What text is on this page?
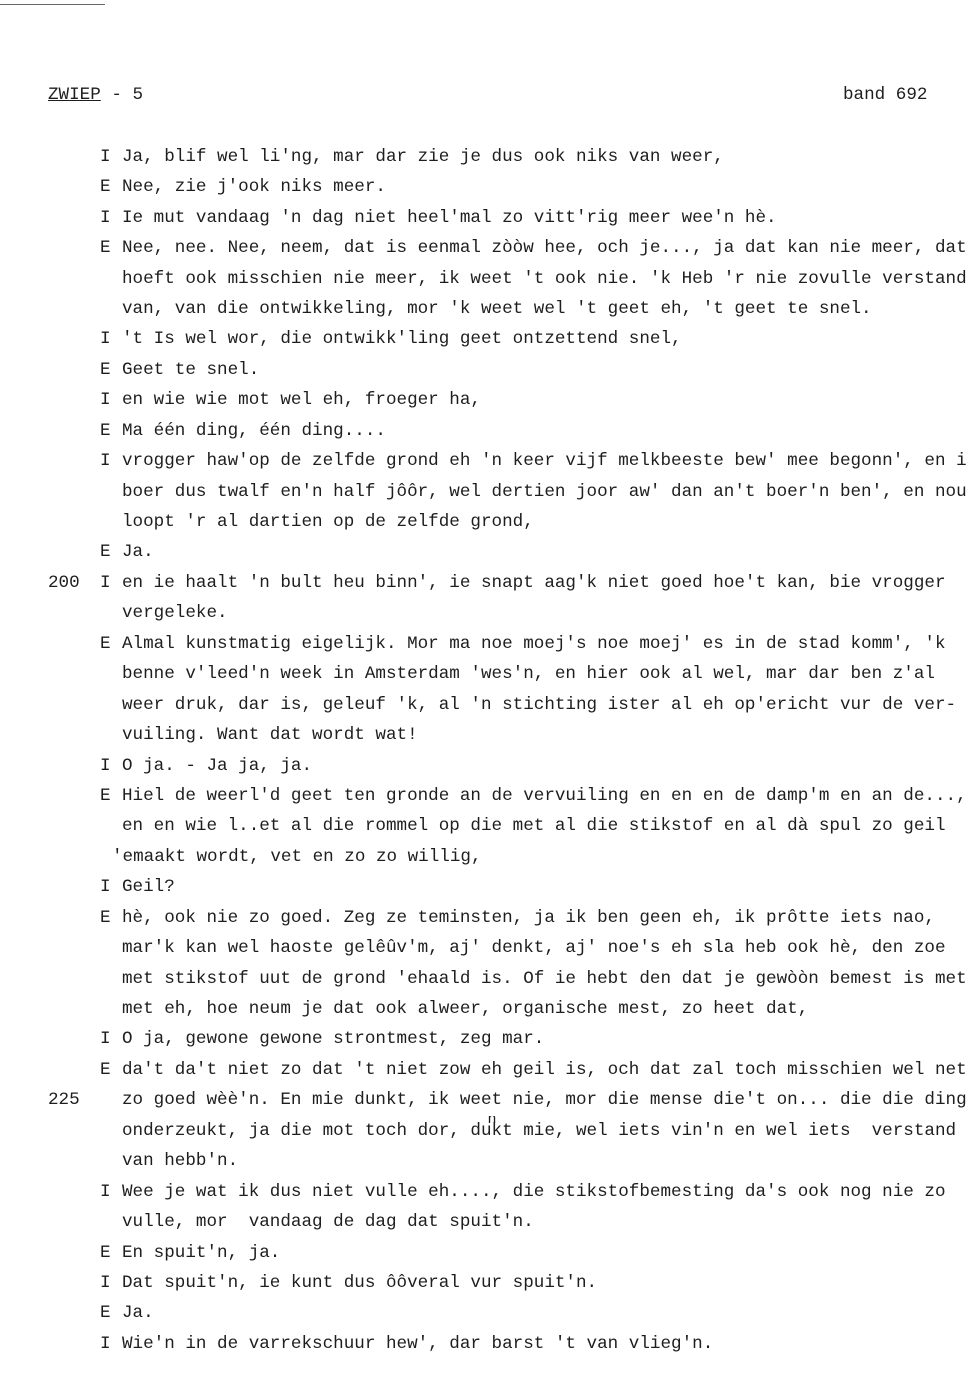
ZWIEP - 5	band 692
I Ja, blif wel li'ng, mar dar zie je dus ook niks van weer,
E Nee, zie j'ook niks meer.
I Ie mut vandaag 'n dag niet heel'mal zo vitt'rig meer wee'n hè.
E Nee, nee. Nee, neem, dat is eenmal zòòw hee, och je..., ja dat kan nie meer, dat
hoeft ook misschien nie meer, ik weet 't ook nie. 'k Heb 'r nie zovulle verstand
van, van die ontwikkeling, mor 'k weet wel 't geet eh, 't geet te snel.
I 't Is wel wor, die ontwikk'ling geet ontzettend snel,
E Geet te snel.
I en wie wie mot wel eh, froeger ha,
E Ma één ding, één ding....
I vrogger haw'op de zelfde grond eh 'n keer vijf melkbeeste bew' mee begonn', en i
boer dus twalf en'n half jôôr, wel dertien joor aw' dan an't boer'n ben', en nou
loopt 'r al dartien op de zelfde grond,
E Ja.
200 I en ie haalt 'n bult heu binn', ie snapt aag'k niet goed hoe't kan, bie vrogger
vergeleke.
E Almal kunstmatig eigelijk. Mor ma noe moej's noe moej' es in de stad komm', 'k
benne v'leed'n week in Amsterdam 'wes'n, en hier ook al wel, mar dar ben z'al
weer druk, dar is, geleuf 'k, al 'n stichting ister al eh op'ericht vur de ver-
vuiling. Want dat wordt wat!
I O ja. - Ja ja, ja.
E Hiel de weerl'd geet ten gronde an de vervuiling en en en de damp'm en an de...,
en en wie l..et al die rommel op die met al die stikstof en al dà spul zo geil
'emaakt wordt, vet en zo zo willig,
I Geil?
E hè, ook nie zo goed. Zeg ze teminsten, ja ik ben geen eh, ik prôtte iets nao,
mar'k kan wel haoste gelêûv'm, aj' denkt, aj' noe's eh sla heb ook hè, den zoe
met stikstof uut de grond 'ehaald is. Of ie hebt den dat je gewòòn bemest is met
met eh, hoe neum je dat ook alweer, organische mest, zo heet dat,
I O ja, gewone gewone strontmest, zeg mar.
E da't da't niet zo dat 't niet zow eh geil is, och dat zal toch misschien wel net
225 zo goed wèè'n. En mie dunkt, ik weet nie, mor die mense die't on... die die ding
onderzeukt, ja die mot toch dor, dunkt mie, wel iets vin'n en wel iets  verstand
van hebb'n.
I Wee je wat ik dus niet vulle eh...., die stikstofbemesting da's ook nog nie zo
vulle, mor  vandaag de dag dat spuit'n.
E En spuit'n, ja.
I Dat spuit'n, ie kunt dus ôôveral vur spuit'n.
E Ja.
I Wie'n in de varrekschuur hew', dar barst 't van vlieg'n.
